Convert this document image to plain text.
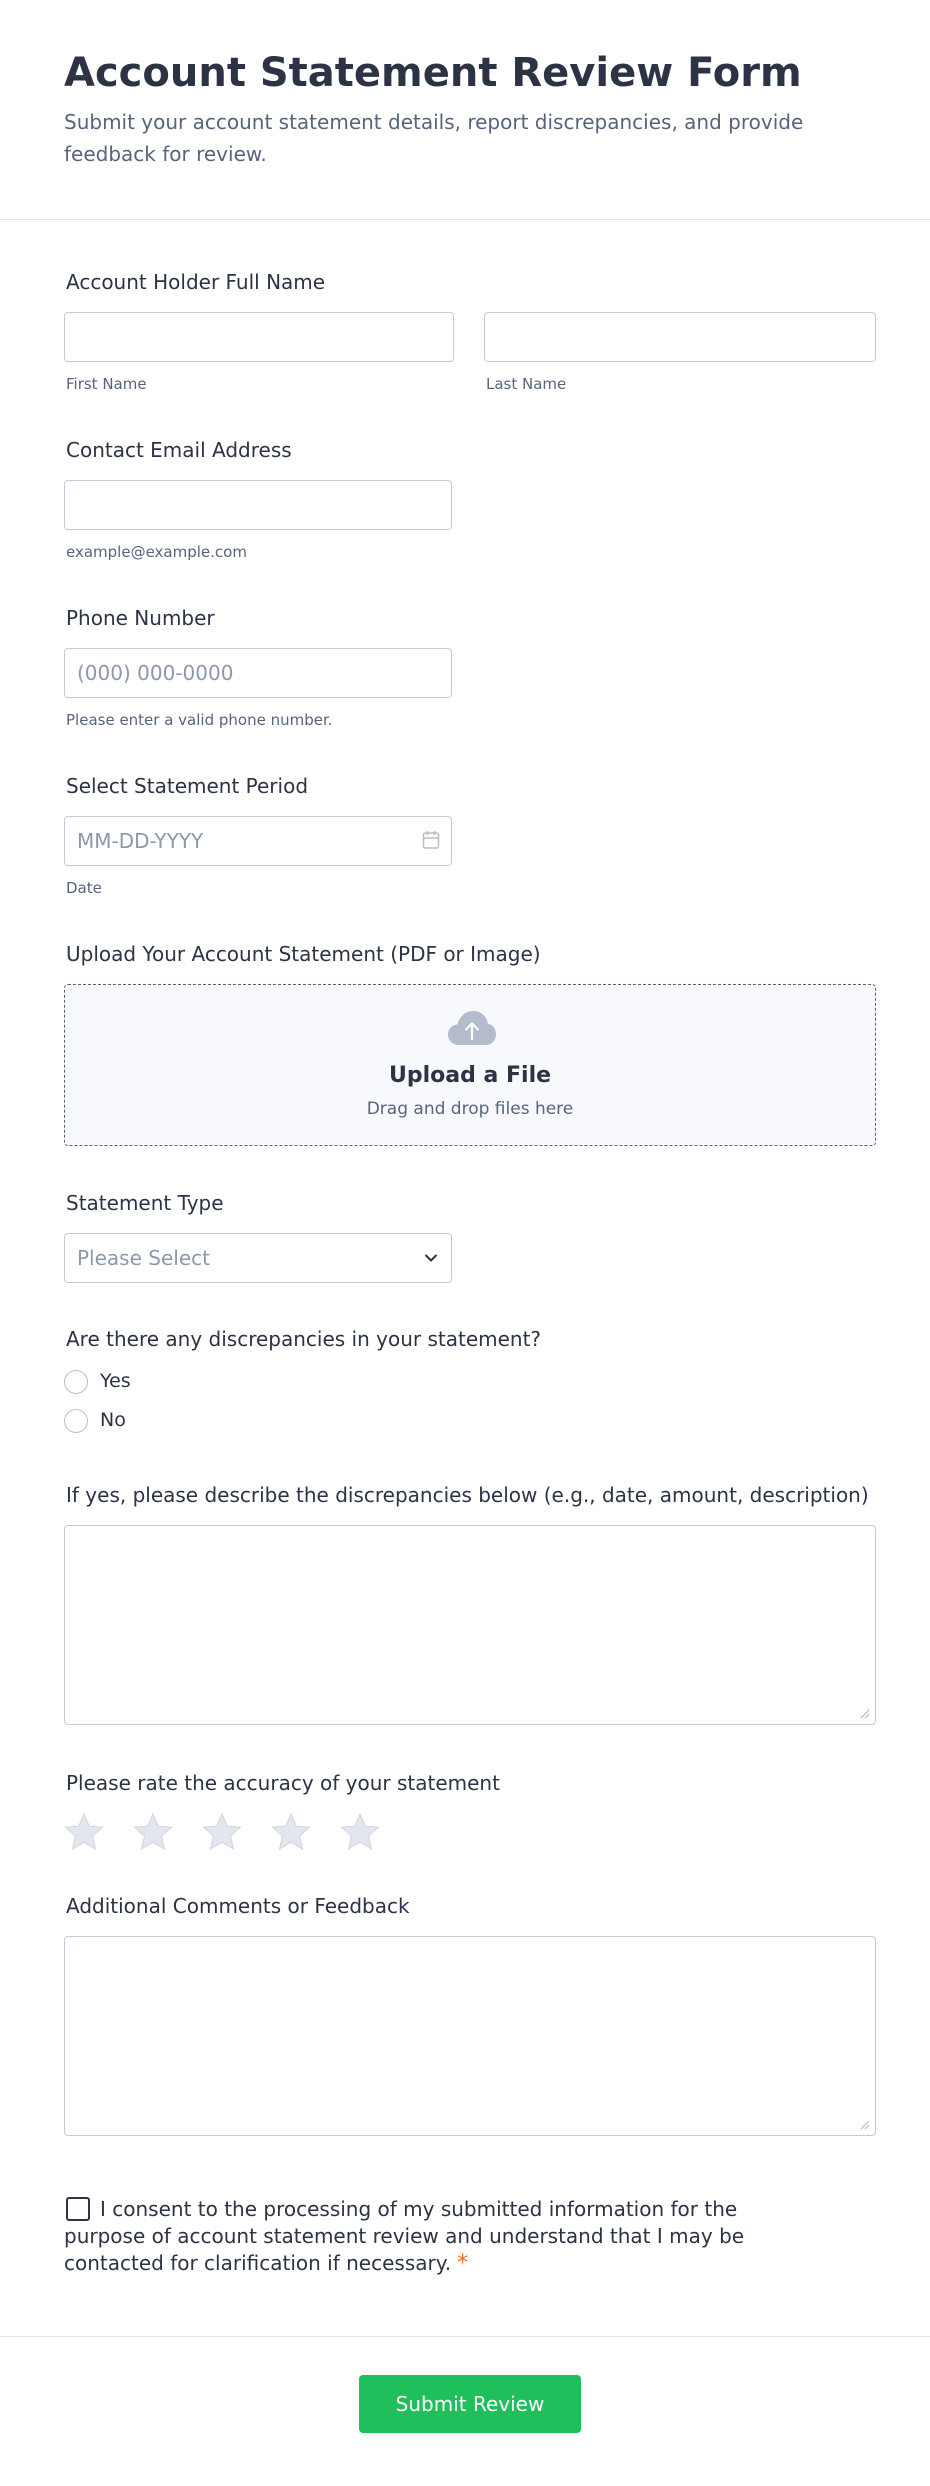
Account Statement Review Form

Submit your account statement details, report discrepancies, and provide feedback for review.

Account Holder Full Name
First Name	Last Name
Contact Email Address
example@example.com
Phone Number
(000) 000-0000
Please enter a valid phone number.
Select Statement Period
MM-DD-YYYY
Date
Upload Your Account Statement (PDF or Image)
Upload a File
Drag and drop files here
Statement Type
Please Select
Are there any discrepancies in your statement?
Yes
No
If yes, please describe the discrepancies below (e.g., date, amount, description)
Please rate the accuracy of your statement
Additional Comments or Feedback
I consent to the processing of my submitted information for the purpose of account statement review and understand that I may be contacted for clarification if necessary. *
Submit Review
